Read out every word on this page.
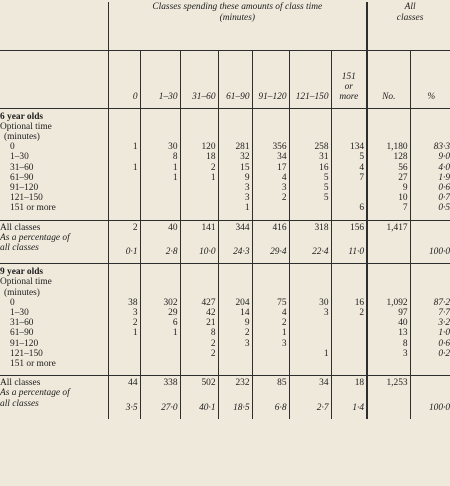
	Classes spending these amounts of class time
(minutes)							All
classes	
	0	1–30	31–60	61–90	91–120	121–150	151
or
more	No.	%
6 year olds									
Optional time									
(minutes)									
0	1	30	120	281	356	258	134	1,180	83·3
1–30		8	18	32	34	31	5	128	9·0
31–60	1	1	2	15	17	16	4	56	4·0
61–90		1	1	9	4	5	7	27	1·9
91–120				3	3	5		9	0·6
121–150				3	2	5		10	0·7
151 or more				1			6	7	0·5

All classes	2	40	141	344	416	318	156	1,417	
As a percentage of									
all classes	0·1	2·8	10·0	24·3	29·4	22·4	11·0		100·0

9 year olds									
Optional time									
(minutes)									
0	38	302	427	204	75	30	16	1,092	87·2
1–30	3	29	42	14	4	3	2	97	7·7
31–60	2	6	21	9	2			40	3·2
61–90	1	1	8	2	1			13	1·0
91–120			2	3	3			8	0·6
121–150			2			1		3	0·2
151 or more									

All classes	44	338	502	232	85	34	18	1,253	
As a percentage of									
all classes	3·5	27·0	40·1	18·5	6·8	2·7	1·4		100·0
